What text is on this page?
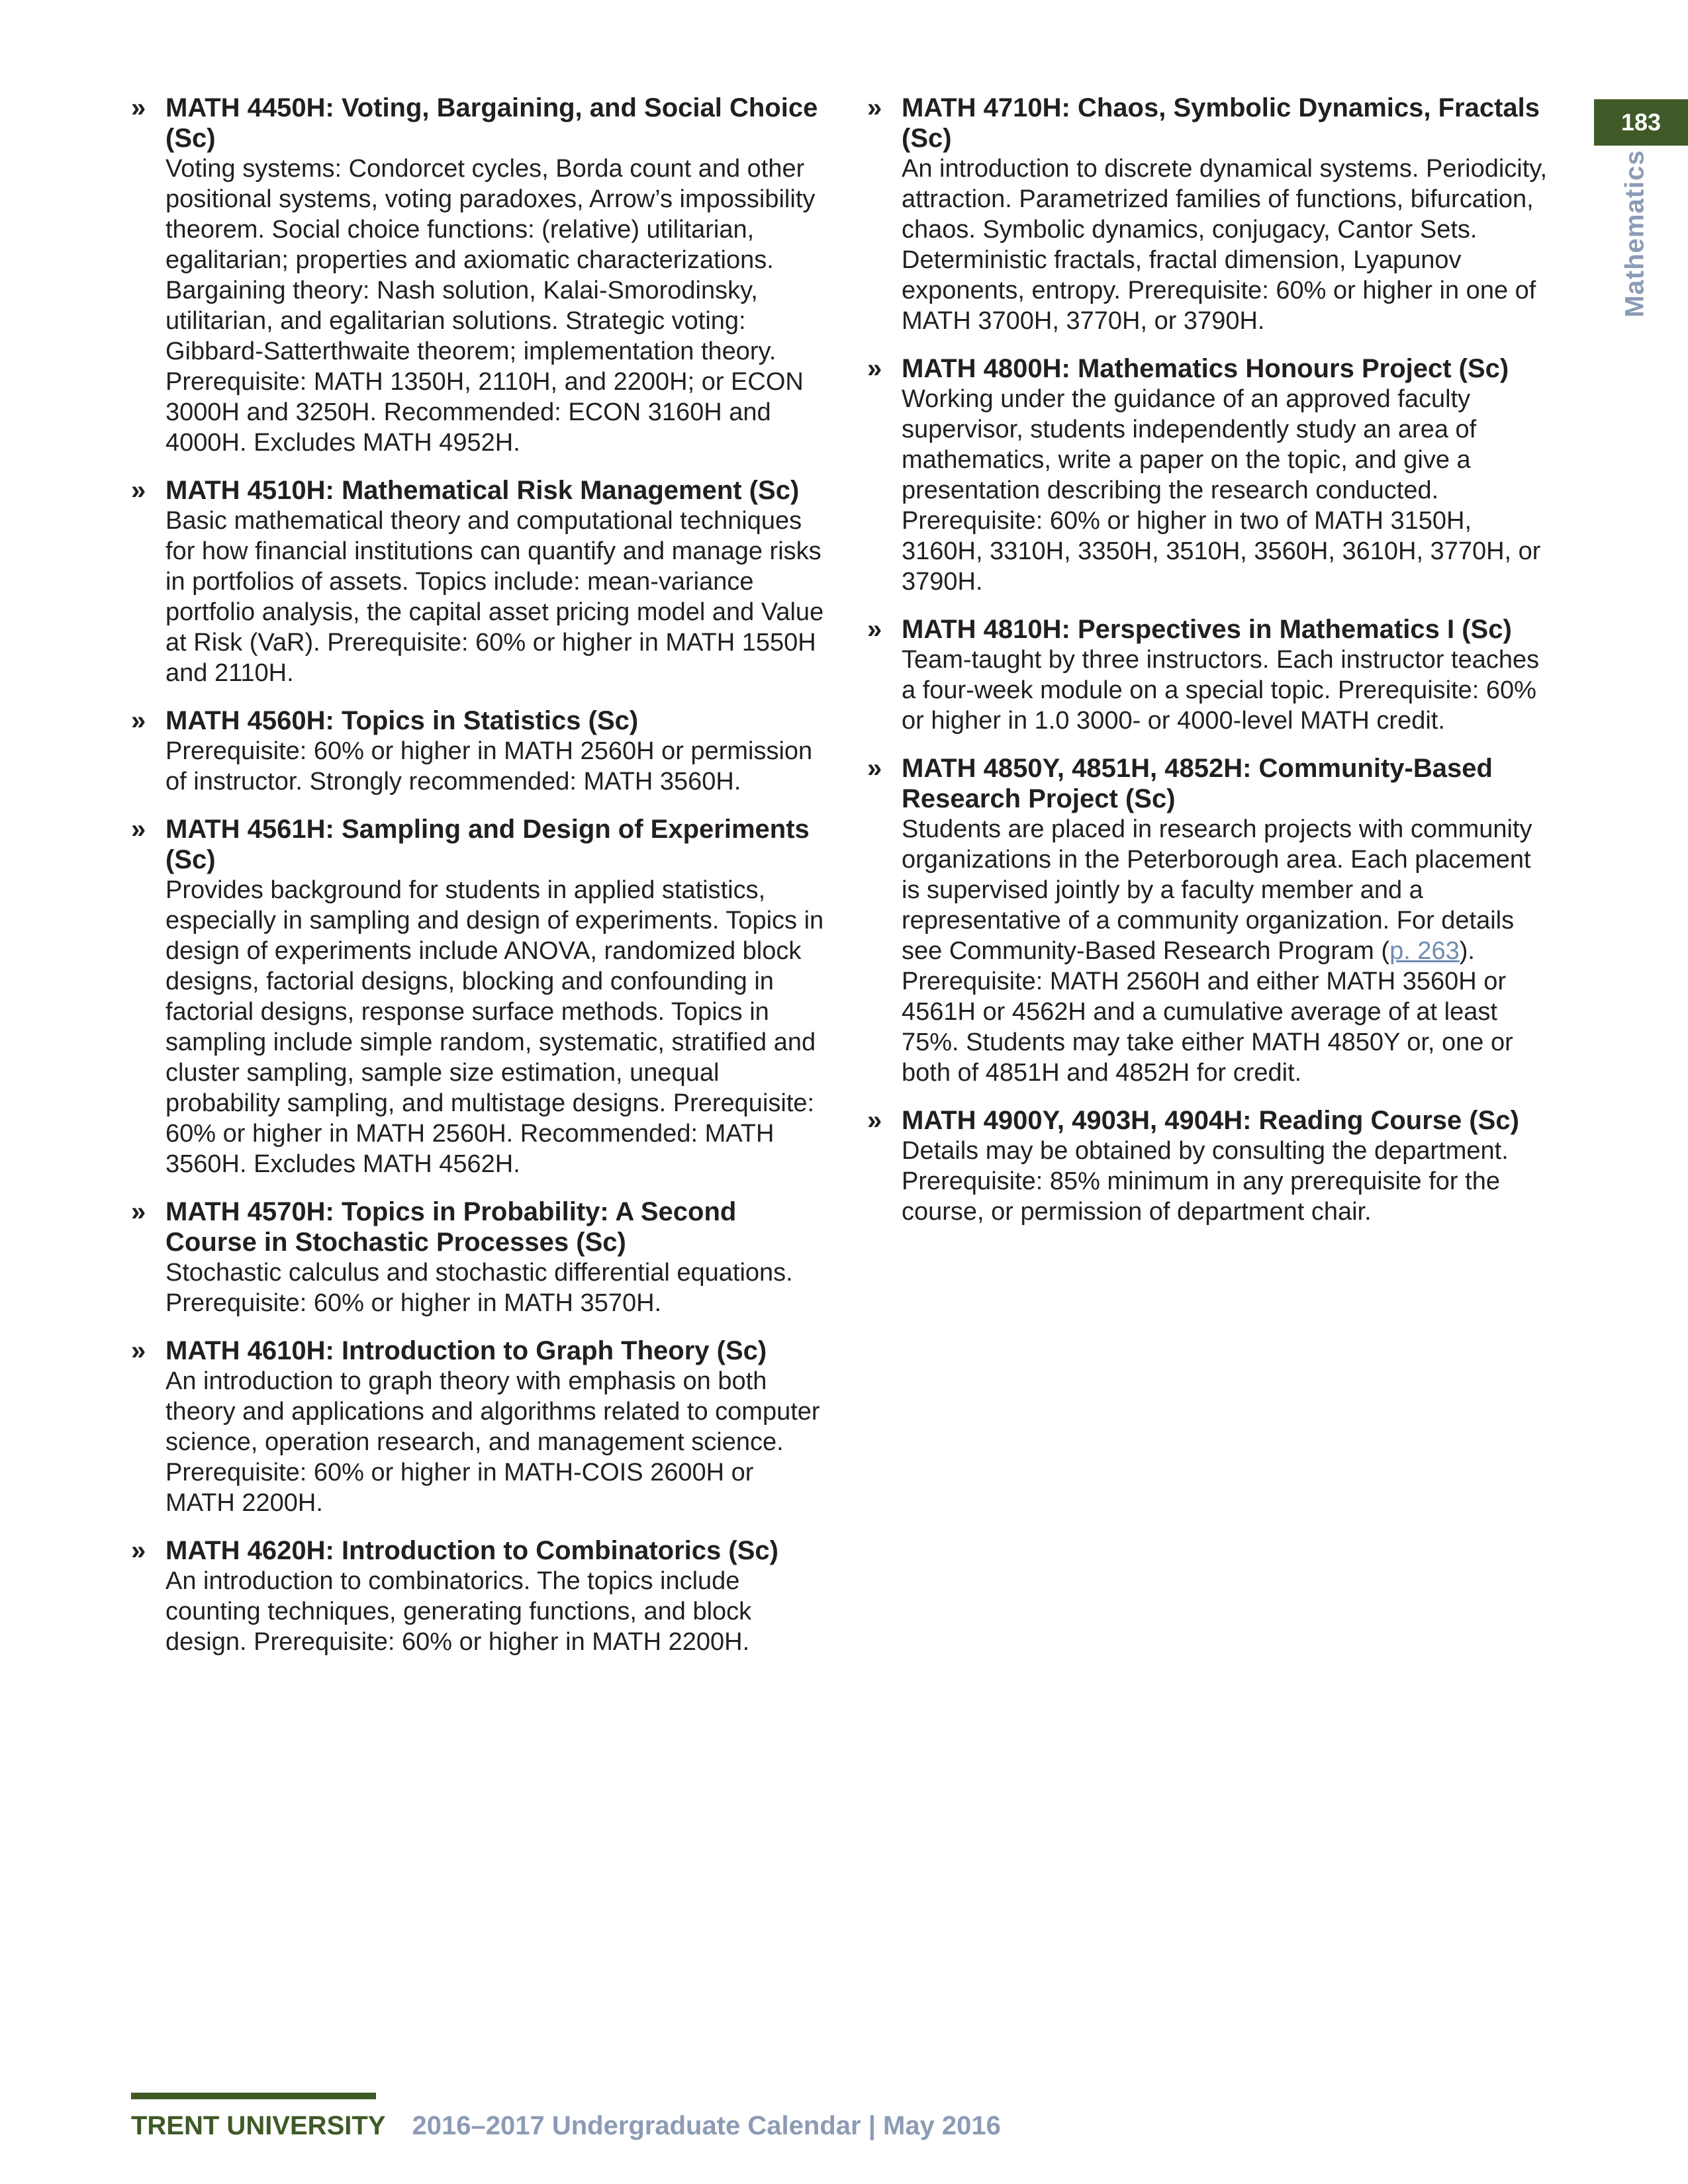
» MATH 4450H: Voting, Bargaining, and Social Choice (Sc)

Voting systems: Condorcet cycles, Borda count and other positional systems, voting paradoxes, Arrow’s impossibility theorem. Social choice functions: (relative) utilitarian, egalitarian; properties and axiomatic characterizations. Bargaining theory: Nash solution, Kalai-Smorodinsky, utilitarian, and egalitarian solutions. Strategic voting: Gibbard-Satterthwaite theorem; implementation theory. Prerequisite: MATH 1350H, 2110H, and 2200H; or ECON 3000H and 3250H. Recommended: ECON 3160H and 4000H. Excludes MATH 4952H.

» MATH 4510H: Mathematical Risk Management (Sc)

Basic mathematical theory and computational techniques for how financial institutions can quantify and manage risks in portfolios of assets. Topics include: mean-variance portfolio analysis, the capital asset pricing model and Value at Risk (VaR). Prerequisite: 60% or higher in MATH 1550H and 2110H.

» MATH 4560H: Topics in Statistics (Sc)

Prerequisite: 60% or higher in MATH 2560H or permission of instructor. Strongly recommended: MATH 3560H.

» MATH 4561H: Sampling and Design of Experiments (Sc)

Provides background for students in applied statistics, especially in sampling and design of experiments. Topics in design of experiments include ANOVA, randomized block designs, factorial designs, blocking and confounding in factorial designs, response surface methods. Topics in sampling include simple random, systematic, stratified and cluster sampling, sample size estimation, unequal probability sampling, and multistage designs. Prerequisite: 60% or higher in MATH 2560H. Recommended: MATH 3560H. Excludes MATH 4562H.

» MATH 4570H: Topics in Probability: A Second Course in Stochastic Processes (Sc)

Stochastic calculus and stochastic differential equations. Prerequisite: 60% or higher in MATH 3570H.

» MATH 4610H: Introduction to Graph Theory (Sc)

An introduction to graph theory with emphasis on both theory and applications and algorithms related to computer science, operation research, and management science. Prerequisite: 60% or higher in MATH-COIS 2600H or MATH 2200H.

» MATH 4620H: Introduction to Combinatorics (Sc)

An introduction to combinatorics. The topics include counting techniques, generating functions, and block design. Prerequisite: 60% or higher in MATH 2200H.

» MATH 4710H: Chaos, Symbolic Dynamics, Fractals (Sc)

An introduction to discrete dynamical systems. Periodicity, attraction. Parametrized families of functions, bifurcation, chaos. Symbolic dynamics, conjugacy, Cantor Sets. Deterministic fractals, fractal dimension, Lyapunov exponents, entropy. Prerequisite: 60% or higher in one of MATH 3700H, 3770H, or 3790H.

» MATH 4800H: Mathematics Honours Project (Sc)

Working under the guidance of an approved faculty supervisor, students independently study an area of mathematics, write a paper on the topic, and give a presentation describing the research conducted. Prerequisite: 60% or higher in two of MATH 3150H, 3160H, 3310H, 3350H, 3510H, 3560H, 3610H, 3770H, or 3790H.

» MATH 4810H: Perspectives in Mathematics I (Sc)

Team-taught by three instructors. Each instructor teaches a four-week module on a special topic. Prerequisite: 60% or higher in 1.0 3000- or 4000-level MATH credit.

» MATH 4850Y, 4851H, 4852H: Community-Based Research Project (Sc)

Students are placed in research projects with community organizations in the Peterborough area. Each placement is supervised jointly by a faculty member and a representative of a community organization. For details see Community-Based Research Program (p. 263). Prerequisite: MATH 2560H and either MATH 3560H or 4561H or 4562H and a cumulative average of at least 75%. Students may take either MATH 4850Y or, one or both of 4851H and 4852H for credit.

» MATH 4900Y, 4903H, 4904H: Reading Course (Sc)

Details may be obtained by consulting the department. Prerequisite: 85% minimum in any prerequisite for the course, or permission of department chair.

183
Mathematics
TRENT UNIVERSITY 2016–2017 Undergraduate Calendar | May 2016
